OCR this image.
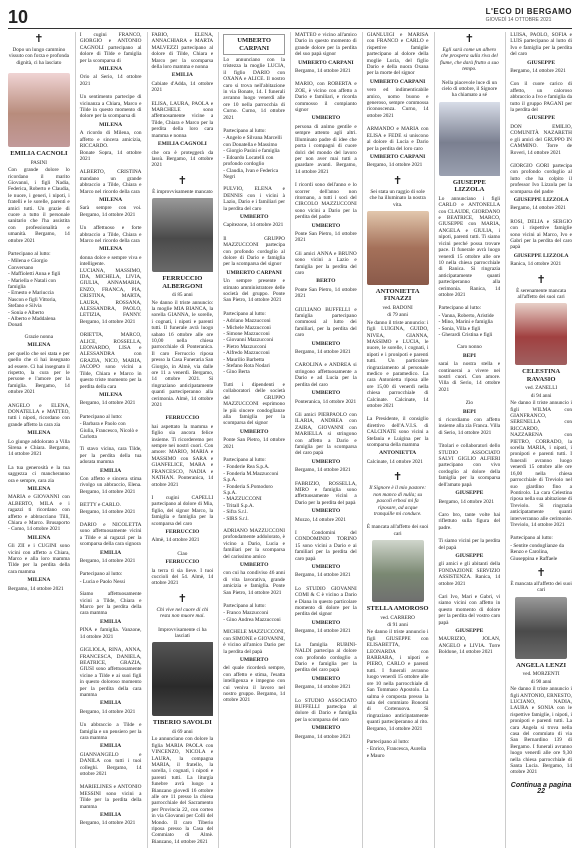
10	L'ECO DI BERGAMO
GIOVEDÌ 14 OTTOBRE 2021
✝
Dopo un lungo cammino vissuto con forza e profonda dignità, ci ha lasciato
EMILIA CACNOLI
PASINI
Con grande dolore lo ricordano il marito Giovanni, i figli Nadia, Federica, Roberto e Claudia, le nuore, i generi, i nipoti, i fratelli e le sorelle, parenti e amici tutti. Un grazie di cuore a tutto il personale sanitario che l'ha assistita con professionalità e umanità. Bergamo, 14 ottobre 2021
Partecipano al lutto:
- Milena e Giorgio Conversano
- Maffioletti Anna e figli
- Mariella e Natali con famiglia
- Ernesto e Mariuccia Nascon e figli Vittoria, Stefano e Silvia
- Sonia e Alberto
- Alberto e Maddalena Donati
Grazie nonna
MILENA
per quello che sei stata e per quello che ci hai insegnato ad essere. Ci hai insegnato il rispetto, la cura per le persone e l'amore per la famiglia. Bergamo, 14 ottobre 2021
ANGELO e ELENA, DONATELLA e MATTEO, tutti i nipoti, ricordano con grande affetto la cara zia
MILENA
Lo giunge addolorato a Villa Sirena e Chiara. Bergamo, 14 ottobre 2021
La tua generosità e la tua saggezza ci mancheranno ora e sempre, cara zia
MILENA
MARIA e GIOVANNI con ALBERTO, MILA e i ragazzi ti ricordano con affetto e abbracciano Tilli, Chiara e Marco. Brusaporto - Como, 14 ottobre 2021
MILENA
Gli ZII e i CUGINI sono vicini con affetto a Chiara, Marco e alla loro mamma Tilde per la perdita della cara mamma
MILENA
Bergamo, 14 ottobre 2021
I cugini FRANCO, GIORGIO e ANTONIO CAGNOLI partecipano al dolore di Tilde e famiglia per la scomparsa di
MILENA
Orio al Serio, 14 ottobre 2021
Un sentimento partecipe di vicinanza a Chiara, Marco e Tilde in questo momento di dolore per la scomparsa di
MILENA
A ricordo di Milena, con affetto e sincera amicizia, RICCARDO.
Bonate Sopra, 14 ottobre 2021
ALBERTO, CRISTINA mandano un grande abbraccio a Tilde, Chiara e Marco nel ricordo della cara
MILENA
Sarà sempre con voi. Bergamo, 14 ottobre 2021
Un affettuoso e forte abbraccio a Tilde, Chiara e Marco nel ricordo della cara
MILENA
donna dolce e sempre viva e intelligente.
LUCIANA, MASSIMO, IDA, MICHELA, LIVIA, GIULIA, ANNAMARIA, ENZO, FRANCA, PIA, CRISTINA, MARTA, LAURA, ROSSANA, ALESSANDRA, PAOLO, LETIZIA, FANNY. Bergamo, 14 ottobre 2021
ORIETTA, MARCO, ALICE, ROSSELLA, LEONARDO, LISA e ALESSANDRA con GRAZIA, NICO, MARIA, JACOPO sono vicini a Tilde, Chiara e Marco in questo triste momento per la perdita della cara
MILENA
Bergamo, 14 ottobre 2021
Partecipano al lutto:
- Barbara e Paolo con Giulia, Francesco, Nicolò e Carlotta
Ti stavo vicina, cara Tilde, per la perdita della tua adorata mamma
EMILIA
Con affetto e sincera stima rivolgo un abbraccio, Elena. Bergamo, 14 ottobre 2021
BETTY e CARLO.
Bergamo, 14 ottobre 2021
DARIO e NICOLETTA sono affettuosamente vicini a Tilde e ai ragazzi per la scomparsa della cara signora
EMILIA
Bergamo, 14 ottobre 2021
Partecipano al lutto:
- Lucia e Paolo Nessi
Siamo affettuosamente vicini a Tilde, Chiara e Marco per la perdita della cara mamma
EMILIA
PINA e famiglia. Vanzone, 14 ottobre 2021
GIGLIOLA, RINA, ANNA, FRANCESCA, DANIELA, BEATRICE, GRAZIA, GIUSI sono affettuosamente vicine a Tilde e ai suoi figli in questo doloroso momento per la perdita della cara mamma
EMILIA
Bergamo, 14 ottobre 2021
Un abbraccio a Tilde e famiglia e un pensiero per la cara mamma
EMILIA
GIANNANGELO e DANILA con tutti i tuoi colleghi. Bergamo, 14 ottobre 2021
MARIELINES e ANTONIO MESSINI sono vicini a Tilde per la perdita della mamma
EMILIA
Bergamo, 14 ottobre 2021
FABIO, ELENA, ANNACHIARA e MARTA MALVEZZI partecipano al dolore di Tilde, Chiara e Marco per la scomparsa della loro mamma e nonna
EMILIA
Cabiate d'Adda, 14 ottobre 2021
ELISA, LAURA, PAOLA e MARCHELE sono affettuosamente vicine a Tilde, Chiara e Marco per la perdita della loro cara mamma e nonna
EMILIA CAGNOLI
che ora è proteggerà da lassù. Bergamo, 14 ottobre 2021
✝
È improvvisamente mancato
FERRUCCIO ALBERGONI
di 85 anni
Ne danno il triste annuncio: la moglie MIA BIANCA, la sorella GIANNA, le sorelle, i cognati, i nipoti e parenti tutti. Il funerale avrà luogo sabato 16 ottobre alle ore 10,00 nella chiesa parrocchiale di Ponteranica. Il caro Ferruccio riposa presso la Casa Funeraria San Giorgio, in Almè, via dalle ore 11 a venerdì. Bergamo, 14 ottobre 2021. Si ringraziano anticipatamente quanti parteciperanno alla cerimonia. Almè, 14 ottobre 2021
FERRUCCIO
hai aspettato la mamma e figlio sia ancora felice insieme. Ti ricorderemo per sempre nei nostri cuori. Con amore: MARIO, MARIA e MASSIMO con SARA e GIANFELICE, MARA e FRANCESCO, NADIA e NATHAN. Ponteranica, 14 ottobre 2021
I cugini CAPELLI partecipano al dolore di Mia, figlio, del signor Marco, la famiglia e famiglia per la scomparsa del caro
FERRUCCIO
Almè, 14 ottobre 2021
Ciao
FERRUCCIO
la terra ti sia lieve. I tuoi cuccioli del 54. Almè, 14 ottobre 2021
✝
Chi vive nel cuore di chi resta non muore mai.
Improvvisamente ci ha lasciati
TIBERIO SAVOLDI
di 69 anni
Lo annunciano con dolore la figlia MARIA PAOLA con VINCENZO, NICOLA e LAURA, la compagna MARIA, il fratello, la sorella, i cognati, i nipoti e parenti tutti. La liturgia funebre avrà luogo a Bianzano giovedì 16 ottobre alle ore 11 presso la chiesa parrocchiale del Sacramento per Provincia 22, con corteo in via Giovanni per Colli del Mondo. Il caro Tiberio riposa presso la Casa del Commiato di Almè. Bianzano, 14 ottobre 2021
UMBERTO CARPANI
Lo annunciano con la tristezza la moglie LUCIA, il figlio DARIO con OXANA e ALICE. Il nostro caro si trova nell'abitazione in via Bonate, 14. I funerali avranno luogo venerdì alle ore 10 nella parrocchia di Curno. Curno, 14 ottobre 2021
Partecipano al lutto:
- Angelo e Silvana Marcelli con Donatella e Massimo
- Giorgio Pasini e famiglia
- Edoardo Locatelli con profondo cordoglio
- Claudia, Ivan e Federica Negri
PULVIO, ELENA e DENNIS con i vicini à Lazio, Dario e i familiari per la perdita del caro
UMBERTO
Capitezone, 14 ottobre 2021
Il GRUPPO MAZZUCCONI partecipa con profondo cordoglio al dolore di Dario e famiglia per la scomparsa del signor
UMBERTO CARPANI
Un sempre presente e stimato amministratore delle società del gruppo. Ponte San Pietro, 14 ottobre 2021
Partecipano al lutto:
- Adriano Mazzucconi
- Michele Mazzucconi
- Simone Mazzucconi
- Giovanni Mazzucconi
- Pietro Mazzucconi
- Alfredo Mazzucconi
- Maurilio Barbetta
- Stefano Rota Nodari
- Gino Berta
Tutti i dipendenti e collaboratori delle società del GRUPPO MAZZUCCONI esprimono le più sincere condoglianze alla famiglia per la scomparsa del signor
UMBERTO
Ponte San Pietro, 14 ottobre 2021
Partecipano al lutto:
- Fonderie Rea S.p.A.
- Fonderia M.Mazzucconi S.p.A.
- Fonderia S.Pomodoro S.p.A.
- MAZZUCCONI
- Tritall S.p.A.
- Sifra S.r.l.
- SIRS S.r.l.
ADRIANO MAZZUCCONI profondamente addolorato, è vicino a Dario, Lucia e familiari per la scomparsa del carissimo amico
UMBERTO
con cui ha condiviso 46 anni di vita lavorativa, grande amicizia e famiglia. Ponte San Pietro, 14 ottobre 2021
Partecipano al lutto:
- Franco Mazzucconi
- Gino Andrea Mazzucconi
MICHELE MAZZUCCONI, con SIMONE e GIOVANNI, è vicino all'amico Dario per la perdita del papà
UMBERTO
del quale ricorderà sempre, con affetto e stima, l'esatta intelligenza e impegno con cui veniva il lavoro nel nostro gruppo. Bergamo, 14 ottobre 2021
MATTEO e vicino all'amico Dario in questo momento di grande dolore per la perdita del suo papà signor
UMBERTO CARPANI
Bergamo, 14 ottobre 2021
MARIO, con ROBERTA e ZOE, è vicino con affetto a Dario e familiari, e ricorda commosso il compianto signor
UMBERTO
persona di animo gentile e sempre attento agli altri. Illuminato padre di idee che porta i compagni di cuore dolci del mondo del lavoro per non aver mai tutti a guardare avanti. Bergamo, 14 ottobre 2021
I ricordi sono dell'anno e lo scorrer dell'anno non ritornano, a tutti i soci del CIRCOLO MAZZUCCONI sono vicini a Dario per la perdita del padre
UMBERTO
Ponte San Pietro, 14 ottobre 2021
Gli amici ANNA e BRUNO sono vicini a Lazio e famiglia per la perdita del caro
BERTO
Ponte San Pietro, 14 ottobre 2021
GIULIANO BUFFELLI e famiglia partecipano commossi al lutto dei familiari, per la perdita del caro
UMBERTO
Bergamo, 14 ottobre 2021
CAROLINA e ANDREA si stringono affettuosamente a Dario e ad Lucia per la perdita del caro
UMBERTO
Ponteranica, 14 ottobre 2021
Gli amici PIERPAOLO con ILARIA, ANDREA con ZAIRA, GIOVANNI con MARIELLA si stringono con affetto a Dario e famiglia per la scomparsa del caro papà
UMBERTO
Bergamo, 14 ottobre 2021
FABRIZIO, ROSSELLA, MIRO e famiglia sono affettuosamente vicini a Dario per la perdita del papà
UMBERTO
Mozzo, 14 ottobre 2021
I Condomini del CONDOMINIO TORINO 15 sono vicini a Dario e ai familiari per la perdita del caro papà
UMBERTO
Bergamo, 14 ottobre 2021
Lo STUDIO GIOVANNI COMI & C è vicino a Dario e Diana in questo particolare momento di dolore per la perdita del signor
UMBERTO
Bergamo, 14 ottobre 2021
La famiglia RUBINI-NALDI partecipa al dolore con profondo cordoglio a Dario e famiglia per la perdita del caro papà
UMBERTO
Bergamo, 14 ottobre 2021
Lo STUDIO ASSOCIATO BUFFELLI partecipa al dolore di Dario e famiglia per la scomparsa del caro
UMBERTO
Bergamo, 14 ottobre 2021
GIANLUIGI e MARISA con FRANCO e CARLO e rispettive famiglie partecipano al dolore della moglie Lucia, del figlio Dario e della nuora Oxana per la morte del signor
UMBERTO CARPANI
vero ed indimenticabile amico, uomo buono e generoso, sempre commossa riconoscenza. Curno, 14 ottobre 2021
ARMANDO e MARIA con ELISA e FEDE si uniscono al dolore di Lucia e Dario per la perdita del loro caro
UMBERTO CARPANI
Bergamo, 14 ottobre 2021
✝
Sei stata un raggio di sole che ha illuminato la nostra vita.
ANTONIETTA FINAZZI
ved. BADONI
di 79 anni
Ne danno il triste annuncio: i figli LUIGINA, GUIDO, NIVEA, GIANNA, MASSIMO e LUCIA, le nuore, le sorelle, i cognati, i nipoti e i pronipoti e parenti tutti. Un particolare ringraziamento al personale medico e paramedico. La cara Antonietta riposa alle ore 15,00 di venerdì nella chiesa parrocchiale di Calcinate. Calcinate, 14 ottobre 2021
La Presidente, il consiglio direttivo dell'A.V.I.S. di CALCINATE sono vicini a Stefania e Luigina per la scomparsa della mamma
ANTONIETTA
Calcinate, 14 ottobre 2021
✝
Il Signore è il mio pastore: non manco di nulla; su pascoli erbosi mi fa riposare, ad acque tranquille mi conduce.
È mancata all'affetto dei suoi cari
STELLA AMOROSO
ved. CARRERO
di 91 anni
Ne danno il triste annuncio i figli GIUSEPPE con ELISABETTA, LEONARDA con BARBARA, i nipoti e PIERO, CARLO e parenti tutti. I funerali avranno luogo venerdì 15 ottobre alle ore 10 nella parrocchiale di San Tommaso Apostolo. La salma è composta presso la sala del commiato Bonomi di Cortenuova. Si ringraziano anticipatamente quanti parteciperanno al rito. Bergamo, 14 ottobre 2021
Partecipano al lutto:
- Enrico, Francesca, Aurelia e Mauro
✝
Egli sarà come un albero che prospera sulla riva del fiume, che darà frutto a suo tempo.
Nella piacevole luce di un cielo di ottobre, il Signore ha chiamato a sé
GIUSEPPE LIZZOLA
Lo annunciano i figli CARLO e ANTONELLA con CLAUDE, GIORDANO e BEATRICE, MARCO, GIUSEPPE con MARIA, ANGELA e GIULIA, i nipoti, parenti tutti. Ti siamo vicini perché possa trovare pace. Il funerale avrà luogo venerdì 15 ottobre alle ore 10 nella chiesa parrocchiale di Ranica. Si ringrazia anticipatamente quanti parteciperanno alla cerimonia. Ranica, 14 ottobre 2021
Partecipano al lutto:
- Vanna, Roberto, Aristide
- Mino, Marini e famiglia
- Sonia, Villa e figli
- Gherardi Cristina e figli
Caro nonno
BEPI
sarai la nostra stella e continuerai a vivere nei nostri cuori. Con amore. Villa di Serio, 14 ottobre 2021
Zio
BEPI
ti ricordiamo con affetto insieme alla zia Franca. Villa di Serio, 14 ottobre 2021
Titolari e collaboratori dello STUDIO ASSOCIATO SALVI GIGLIO ALFIERI partecipano con vivo cordoglio al dolore della famiglia per la scomparsa dell'amato papà
GIUSEPPE
Bergamo, 14 ottobre 2021
Caro bro, tante volte hai riflettuto sulla figura del padre.
Ti siamo vicini per la perdita del papà
GIUSEPPE
gli amici e gli abitanti della FONDAZIONE SERVIZIO ASSISTENZA. Ranica, 14 ottobre 2021
Cari Ivo, Mari e Gabri, vi siamo vicini con affetto in questo momento di dolore per la perdita del vostro caro papà
GIUSEPPE
MAURIZIO, JOLAN, ANGELO e LIVIA. Torre Boldone, 14 ottobre 2021
LUISA, PAOLO, SOFIA e LUIS partecipano al lutto di Ivo e famiglia per la perdita del caro
GIUSEPPE
Bergamo, 14 ottobre 2021
Con il cuore carico di affetto, un caloroso abbraccio a Ivo e famiglia da tutto il gruppo PAGANI per la perdita del
GIUSEPPE
DON EMILIO, COMUNITÀ NAZARETH e gli amici del GRUPPO IN CAMMINO. Torre de Roveri, 14 ottobre 2021
GIORGIO GORI partecipa con profondo cordoglio al lutto che ha colpito il professor Ivo Lizzola per la scomparsa del padre
GIUSEPPE LIZZOLA
Bergamo, 14 ottobre 2021
ROSI, DELIA e SERGIO con i rispettive famiglie sono vicini ai Marco, Ivo e Gabri per la perdita del caro papà
GIUSEPPE LIZZOLA
Ranica, 14 ottobre 2021
✝
È serenamente mancata all'affetto dei suoi cari
CELESTINA RAVASIO
ved. ZANELLI
di 94 anni
Ne danno il triste annuncio i figli WILMA con GIANFRANCO, SERENELLA con RICCARDO, NAZZARENA con PIETRO, CORRADO, la sorella MARIA, i nipoti, i pronipoti e parenti tutti. I funerali avranno luogo venerdì 15 ottobre alle ore 16,00 nella chiesa parrocchiale di Treviolo nel suo giardino fino a Pontirolo. La cara Celestina riposa nella sua abitazione di Treviolo. Si ringrazia anticipatamente quanti interverranno alle cerimonie. Treviolo, 14 ottobre 2021
Partecipano al lutto:
- Sentite condoglianze da Renzo e Carolina, Giuseppina e Raffaele
✝
È mancata all'affetto dei suoi cari
ANGELA LENZI
ved. MORZENTI
di 90 anni
Ne danno il triste annuncio i figli ANTONIO, ERNESTO, LUCIANO, NADIA, LAURA e SONIA con le rispettive famiglie, i nipoti, i pronipoti e parenti tutti. La cara Angela si trova nella casa del commiato di via San Bernardino 139 di Bergamo. I funerali avranno luogo venerdì alle ore 9,30 nella chiesa parrocchiale di Santa Lucia. Bergamo, 14 ottobre 2021
Continua a pagina 22
